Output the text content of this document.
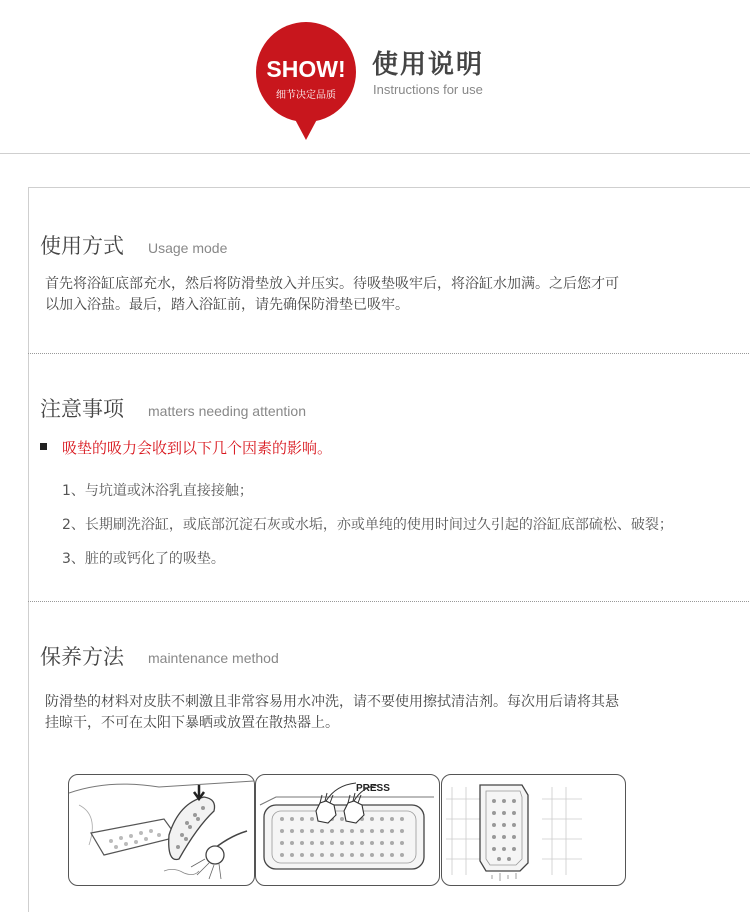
SHOW!
细节决定品质
使用说明
Instructions for use
使用方式 Usage mode
首先将浴缸底部充水，然后将防滑垫放入并压实。待吸垫吸牢后，将浴缸水加满。之后您才可
以加入浴盐。最后，踏入浴缸前，请先确保防滑垫已吸牢。
注意事项 matters needing attention
吸垫的吸力会收到以下几个因素的影响。
1、与坑道或沐浴乳直接接触；
2、长期刷洗浴缸，或底部沉淀石灰或水垢，亦或单纯的使用时间过久引起的浴缸底部硫松、破裂；
3、脏的或钙化了的吸垫。
保养方法 maintenance method
防滑垫的材料对皮肤不刺激且非常容易用水冲洗，请不要使用擦拭清洁剂。每次用后请将其悬
挂晾干，不可在太阳下暴晒或放置在散热器上。
PRESS
